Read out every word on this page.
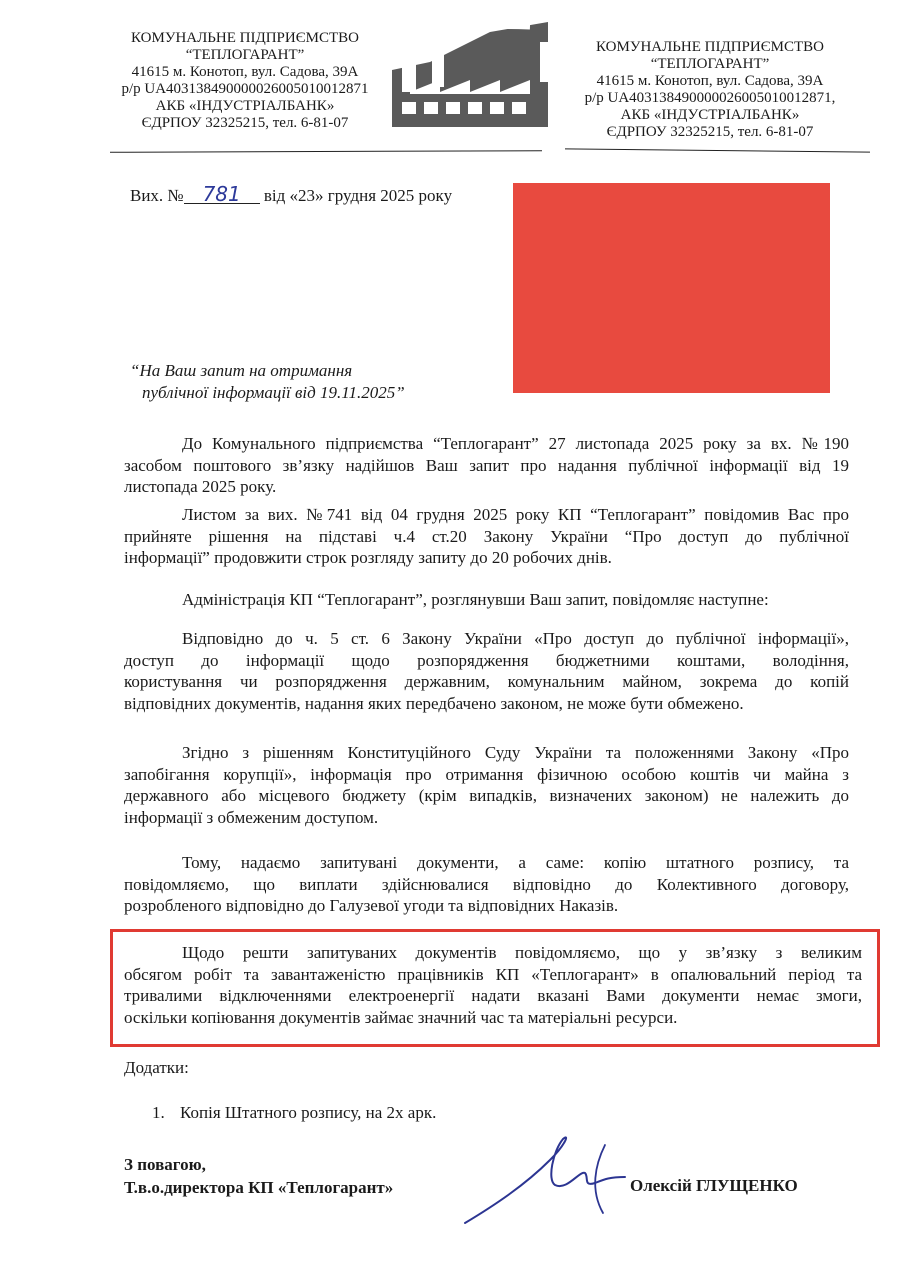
КОМУНАЛЬНЕ ПІДПРИЄМСТВО
“ТЕПЛОГАРАНТ”
41615 м. Конотоп, вул. Садова, 39А
р/р UA403138490000026005010012871
АКБ «ІНДУСТРІАЛБАНК»
ЄДРПОУ 32325215, тел. 6-81-07
КОМУНАЛЬНЕ ПІДПРИЄМСТВО
“ТЕПЛОГАРАНТ”
41615 м. Конотоп, вул. Садова, 39А
р/р UA403138490000026005010012871,
АКБ «ІНДУСТРІАЛБАНК»
ЄДРПОУ 32325215, тел. 6-81-07
Вих. № 781 від «23» грудня 2025 року
“На Ваш запит на отримання
публічної інформації від 19.11.2025”
До Комунального підприємства “Теплогарант” 27 листопада 2025 року за вх. №190
засобом поштового зв’язку надійшов Ваш запит про надання публічної інформації від 19
листопада 2025 року.
Листом за вих. №741 від 04 грудня 2025 року КП “Теплогарант” повідомив Вас про
прийняте рішення на підставі ч.4 ст.20 Закону України “Про доступ до публічної
інформації” продовжити строк розгляду запиту до 20 робочих днів.
Адміністрація КП “Теплогарант”, розглянувши Ваш запит, повідомляє наступне:
Відповідно до ч. 5 ст. 6 Закону України «Про доступ до публічної інформації»,
доступ до інформації щодо розпорядження бюджетними коштами, володіння,
користування чи розпорядження державним, комунальним майном, зокрема до копій
відповідних документів, надання яких передбачено законом, не може бути обмежено.
Згідно з рішенням Конституційного Суду України та положеннями Закону «Про
запобігання корупції», інформація про отримання фізичною особою коштів чи майна з
державного або місцевого бюджету (крім випадків, визначених законом) не належить до
інформації з обмеженим доступом.
Тому, надаємо запитувані документи, а саме: копію штатного розпису, та
повідомляємо, що виплати здійснювалися відповідно до Колективного договору,
розробленого відповідно до Галузевої угоди та відповідних Наказів.
Щодо решти запитуваних документів повідомляємо, що у зв’язку з великим
обсягом робіт та завантаженістю працівників КП «Теплогарант» в опалювальний період та
тривалими відключеннями електроенергії надати вказані Вами документи немає змоги,
оскільки копіювання документів займає значний час та матеріальні ресурси.
Додатки:
1. Копія Штатного розпису, на 2х арк.
З повагою,
Т.в.о.директора КП «Теплогарант»	Олексій ГЛУЩЕНКО
